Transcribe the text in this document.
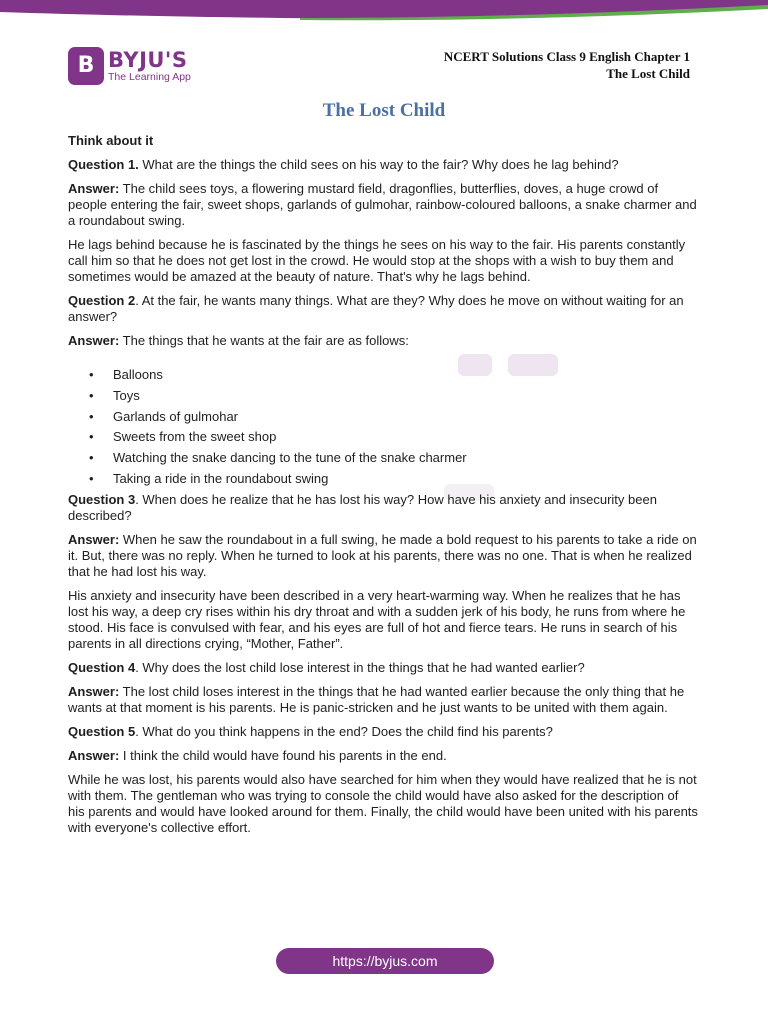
B BYJU'S
The Learning App
NCERT Solutions Class 9 English Chapter 1
The Lost Child
The Lost Child

Think about it

Question 1. What are the things the child sees on his way to the fair? Why does he lag behind?

Answer: The child sees toys, a flowering mustard field, dragonflies, butterflies, doves, a huge crowd of people entering the fair, sweet shops, garlands of gulmohar, rainbow-coloured balloons, a snake charmer and a roundabout swing.

He lags behind because he is fascinated by the things he sees on his way to the fair. His parents constantly call him so that he does not get lost in the crowd. He would stop at the shops with a wish to buy them and sometimes would be amazed at the beauty of nature. That's why he lags behind.

Question 2. At the fair, he wants many things. What are they? Why does he move on without waiting for an answer?

Answer: The things that he wants at the fair are as follows:

• Balloons
• Toys
• Garlands of gulmohar
• Sweets from the sweet shop
• Watching the snake dancing to the tune of the snake charmer
• Taking a ride in the roundabout swing

Question 3. When does he realize that he has lost his way? How have his anxiety and insecurity been described?

Answer: When he saw the roundabout in a full swing, he made a bold request to his parents to take a ride on it. But, there was no reply. When he turned to look at his parents, there was no one. That is when he realized that he had lost his way.

His anxiety and insecurity have been described in a very heart-warming way. When he realizes that he has lost his way, a deep cry rises within his dry throat and with a sudden jerk of his body, he runs from where he stood. His face is convulsed with fear, and his eyes are full of hot and fierce tears. He runs in search of his parents in all directions crying, “Mother, Father”.

Question 4. Why does the lost child lose interest in the things that he had wanted earlier?

Answer: The lost child loses interest in the things that he had wanted earlier because the only thing that he wants at that moment is his parents. He is panic-stricken and he just wants to be united with them again.

Question 5. What do you think happens in the end? Does the child find his parents?

Answer: I think the child would have found his parents in the end.

While he was lost, his parents would also have searched for him when they would have realized that he is not with them. The gentleman who was trying to console the child would have also asked for the description of his parents and would have looked around for them. Finally, the child would have been united with his parents with everyone's collective effort.

https://byjus.com
